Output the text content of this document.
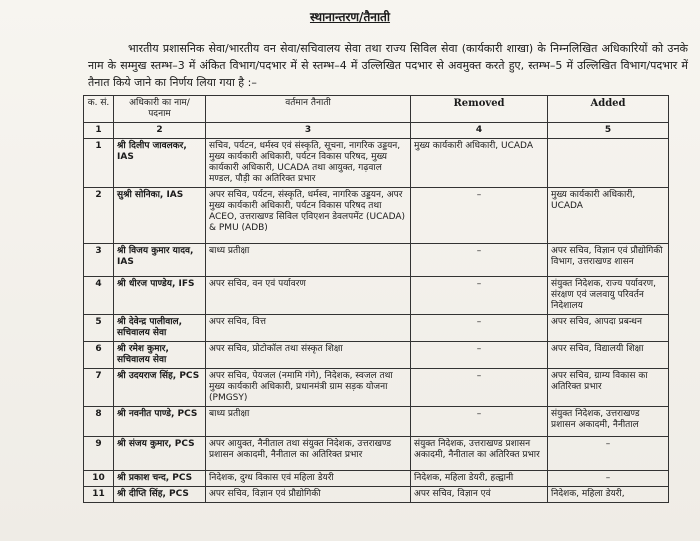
स्थानान्तरण/तैनाती

भारतीय प्रशासनिक सेवा/भारतीय वन सेवा/सचिवालय सेवा तथा राज्य सिविल सेवा (कार्यकारी शाखा) के निम्नलिखित अधिकारियों को उनके नाम के सम्मुख स्तम्भ–3 में अंकित विभाग/पदभार में से स्तम्भ–4 में उल्लिखित पदभार से अवमुक्त करते हुए, स्तम्भ–5 में उल्लिखित विभाग/पदभार में तैनात किये जाने का निर्णय लिया गया है :–

क. सं.	अधिकारी का नाम/ पदनाम	वर्तमान तैनाती	Removed	Added
1	2	3	4	5
1	श्री दिलीप जावलकर, IAS	सचिव, पर्यटन, धर्मस्व एवं संस्कृति, सूचना, नागरिक उड्डयन, मुख्य कार्यकारी अधिकारी, पर्यटन विकास परिषद, मुख्य कार्यकारी अधिकारी, UCADA तथा आयुक्त, गढ़वाल मण्डल, पौड़ी का अतिरिक्त प्रभार	मुख्य कार्यकारी अधिकारी, UCADA	
2	सुश्री सोनिका, IAS	अपर सचिव, पर्यटन, संस्कृति, धर्मस्व, नागरिक उड्डयन, अपर मुख्य कार्यकारी अधिकारी, पर्यटन विकास परिषद तथा ACEO, उत्तराखण्ड सिविल एविएशन डेवलपमेंट (UCADA) & PMU (ADB)	–	मुख्य कार्यकारी अधिकारी, UCADA
3	श्री विजय कुमार यादव, IAS	बाध्य प्रतीक्षा	–	अपर सचिव, विज्ञान एवं प्रौद्योगिकी विभाग, उत्तराखण्ड शासन
4	श्री धीरज पाण्डेय, IFS	अपर सचिव, वन एवं पर्यावरण	–	संयुक्त निदेशक, राज्य पर्यावरण, संरक्षण एवं जलवायु परिवर्तन निदेशालय
5	श्री देवेन्द्र पालीवाल, सचिवालय सेवा	अपर सचिव, वित्त	–	अपर सचिव, आपदा प्रबन्धन
6	श्री रमेश कुमार, सचिवालय सेवा	अपर सचिव, प्रोटोकॉल तथा संस्कृत शिक्षा	–	अपर सचिव, विद्यालयी शिक्षा
7	श्री उदयराज सिंह, PCS	अपर सचिव, पेयजल (नमामि गंगे), निदेशक, स्वजल तथा मुख्य कार्यकारी अधिकारी, प्रधानमंत्री ग्राम सड़क योजना (PMGSY)	–	अपर सचिव, ग्राम्य विकास का अतिरिक्त प्रभार
8	श्री नवनीत पाण्डे, PCS	बाध्य प्रतीक्षा	–	संयुक्त निदेशक, उत्तराखण्ड प्रशासन अकादमी, नैनीताल
9	श्री संजय कुमार, PCS	अपर आयुक्त, नैनीताल तथा संयुक्त निदेशक, उत्तराखण्ड प्रशासन अकादमी, नैनीताल का अतिरिक्त प्रभार	संयुक्त निदेशक, उत्तराखण्ड प्रशासन अकादमी, नैनीताल का अतिरिक्त प्रभार	–
10	श्री प्रकाश चन्द, PCS	निदेशक, दुग्ध विकास एवं महिला डेयरी	निदेशक, महिला डेयरी, हल्द्वानी	–
11	श्री दीप्ति सिंह, PCS	अपर सचिव, विज्ञान एवं प्रौद्योगिकी	अपर सचिव, विज्ञान एवं	निदेशक, महिला डेयरी,
